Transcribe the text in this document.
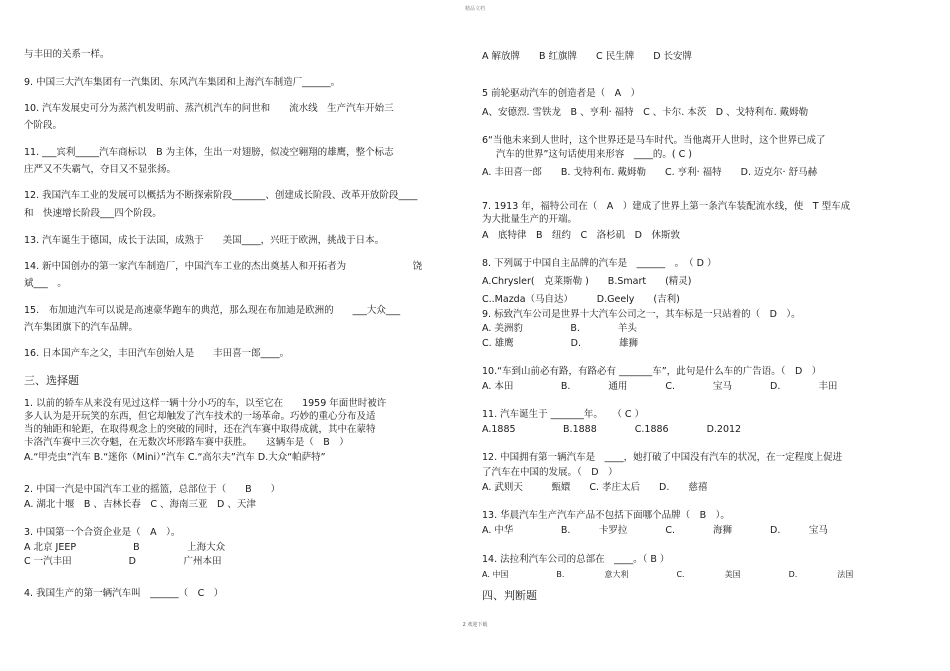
精品文档
与丰田的关系一样。
9. 中国三大汽车集团有一汽集团、东风汽车集团和上海汽车制造厂______。
10. 汽车发展史可分为蒸汽机发明前、蒸汽机汽车的问世和　　流水线　生产汽车开始三
个阶段。
11. ___宾利_____汽车商标以　B 为主体，生出一对翅膀，似凌空翱翔的雄鹰，整个标志
庄严又不失霸气，夺目又不显张扬。
12. 我国汽车工业的发展可以概括为不断探索阶段_______、创建成长阶段、改革开放阶段____
和　快速增长阶段___四个阶段。
13. 汽车诞生于德国，成长于法国，成熟于　　美国____，兴旺于欧洲，挑战于日本。
14. 新中国创办的第一家汽车制造厂，中国汽车工业的杰出奠基人和开拓者为　　　　　　　饶
斌___　。
15.　布加迪汽车可以说是高速豪华跑车的典范，那么现在布加迪是欧洲的　　___大众___
汽车集团旗下的汽车品牌。
16. 日本国产车之父，丰田汽车创始人是　　丰田喜一郎____。
三、选择题
1. 以前的轿车从来没有见过这样一辆十分小巧的车，以至它在　　1959 年面世时被许
多人认为是开玩笑的东西，但它却触发了汽车技术的一场革命。巧妙的重心分布及适
当的轴距和轮距，在取得观念上的突破的同时，还在汽车赛中取得成就，其中在蒙特
卡洛汽车赛中三次夺魁，在无数次坏形路车赛中获胜。　　这辆车是（　B　）
A.“甲壳虫”汽车 B.“迷你（Mini）”汽车 C.“高尔夫”汽车 D.大众“帕萨特”
2. 中国一汽是中国汽车工业的摇篮，总部位于（　　B　　）
A. 湖北十堰　B 、吉林长春　C 、海南三亚　D 、天津
3. 中国第一个合资企业是（　A　）。
A 北京 JEEP　　　　　　B　　　　　上海大众
C 一汽丰田　　　　　　D　　　　　广州本田
4. 我国生产的第一辆汽车叫　______（　C　）
A 解放牌　　B 红旗牌　　C 民生牌　　D 长安牌
5 前轮驱动汽车的创造者是（　A　）
A、安德烈. 雪铁龙　B 、亨利· 福特　C 、卡尔. 本茨　D 、戈特利布. 戴姆勒
6“当他未来到人世时，这个世界还是马车时代。当他离开人世时，这个世界已成了
汽车的世界”这句话使用来形容　____的。( C )
A. 丰田喜一郎　　B. 戈特利布. 戴姆勒　　C. 亨利· 福特　　D. 迈克尔· 舒马赫
7. 1913 年，福特公司在（　A　）建成了世界上第一条汽车装配流水线，使　T 型车成
为大批量生产的开端。
A　底特律　B　纽约　C　洛杉矶　D　休斯敦
8. 下列属于中国自主品牌的汽车是　______　。　（ D ）
A.Chrysler(　克莱斯勒 )　　B.Smart　　(精灵)
C..Mazda（马自达）　　　D.Geely　　(吉利)
9. 标致汽车公司是世界十大汽车公司之一，其车标是一只站着的（　D　）。
A. 美洲豹　　　　　B.　　　　羊头
C. 雄鹰　　　　　　D.　　　　雄狮
10.“车到山前必有路，有路必有 _______车”，此句是什么车的广告语。（　D　）
A. 本田　　　　　B.　　　　通用　　　　C.　　　　宝马　　　　D.　　　　丰田
11. 汽车诞生于 _______年。　　（ C ）
A.1885　　　　　B.1888　　　　C.1886　　　　D.2012
12. 中国拥有第一辆汽车是　____，她打破了中国没有汽车的状况，在一定程度上促进
了汽车在中国的发展。（　D　）
A. 武则天　　　甄嬛　　C. 孝庄太后　　D.　　慈禧
13. 华晨汽车生产汽车产品不包括下面哪个品牌（　B　）。
A. 中华　　　　　B.　　　卡罗拉　　　　C.　　　　海狮　　　　D.　　　宝马
14. 法拉利汽车公司的总部在　____。（ B ）
A. 中国　　　　　　B.　　　　　意大利　　　　　　C.　　　　　美国　　　　　　D.　　　　　法国
四、判断题
2 欢迎下载
